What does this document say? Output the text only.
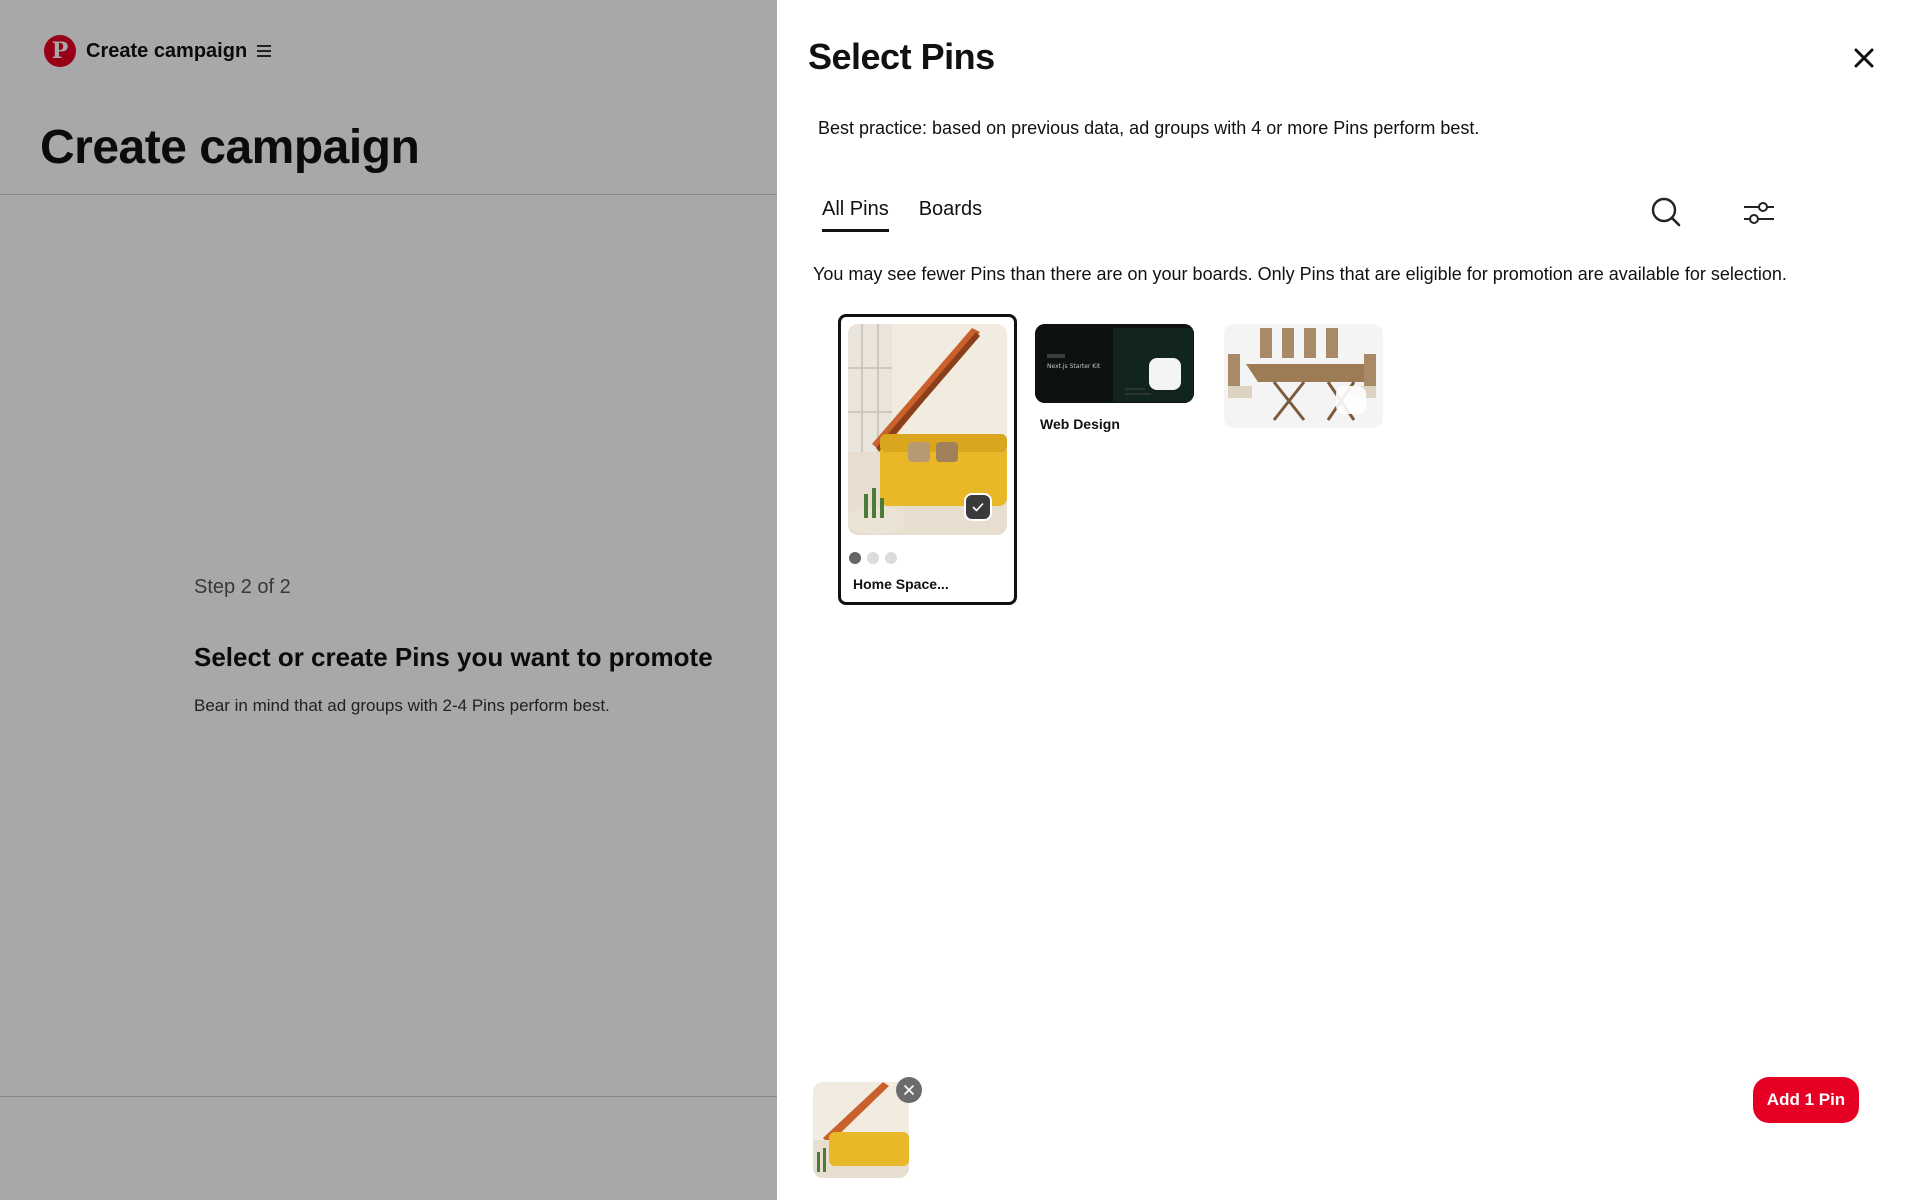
P Create campaign
Create campaign
Step 2 of 2
Select or create Pins you want to promote
Bear in mind that ad groups with 2-4 Pins perform best.
Select Pins
Best practice: based on previous data, ad groups with 4 or more Pins perform best.
All Pins Boards
You may see fewer Pins than there are on your boards. Only Pins that are eligible for promotion are available for selection.
Home Space...
Next.js Starter Kit
Web Design
Add 1 Pin
